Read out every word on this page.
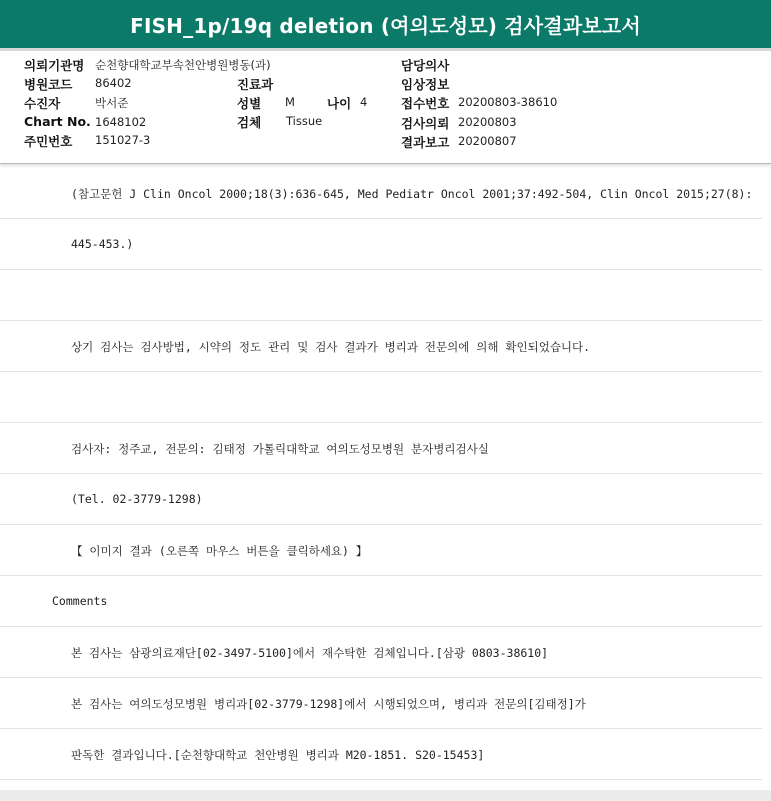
FISH_1p/19q deletion (여의도성모) 검사결과보고서
의뢰기관명 순천향대학교부속천안병원병동(과)
병원코드 86402
수진자	박서준
Chart No. 1648102
주민번호 151027-3
진료과
성별 M	나이 4
검체 Tissue
담당의사
임상정보
접수번호 20200803-38610
검사의뢰 20200803
결과보고 20200807
(참고문헌 J Clin Oncol 2000;18(3):636-645, Med Pediatr Oncol 2001;37:492-504, Clin Oncol 2015;27(8):
445-453.)
상기 검사는 검사방법, 시약의 정도 관리 및 검사 결과가 병리과 전문의에 의해 확인되었습니다.
검사자: 정주교, 전문의: 김태정 가톨릭대학교 여의도성모병원 분자병리검사실
(Tel. 02-3779-1298)
【 이미지 결과 (오른쪽 마우스 버튼을 클릭하세요) 】
Comments
본 검사는 삼광의료재단[02-3497-5100]에서 재수탁한 검체입니다.[삼광 0803-38610]
본 검사는 여의도성모병원 병리과[02-3779-1298]에서 시행되었으며, 병리과 전문의[김태정]가
판독한 결과입니다.[순천향대학교 천안병원 병리과 M20-1851. S20-15453]
